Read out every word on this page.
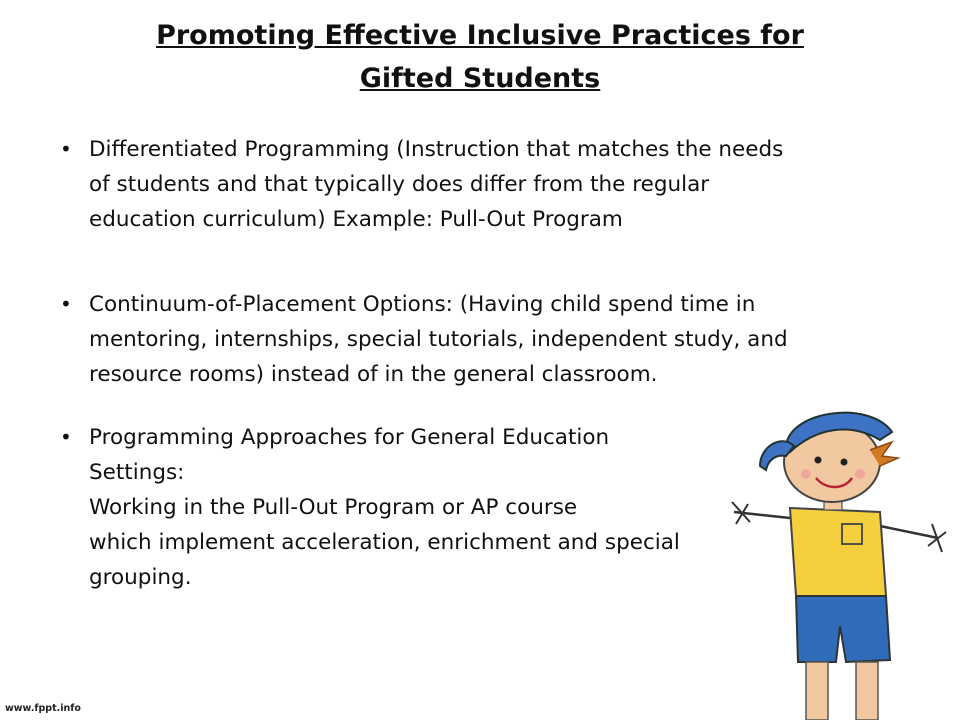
Promoting Effective Inclusive Practices for
Gifted Students
• Differentiated Programming (Instruction that matches the needs
of students and that typically does differ from the regular
education curriculum) Example: Pull-Out Program
• Continuum-of-Placement Options: (Having child spend time in
mentoring, internships, special tutorials, independent study, and
resource rooms) instead of in the general classroom.
• Programming Approaches for General Education
Settings:
Working in the Pull-Out Program or AP course
which implement acceleration, enrichment and special
grouping.
www.fppt.info
